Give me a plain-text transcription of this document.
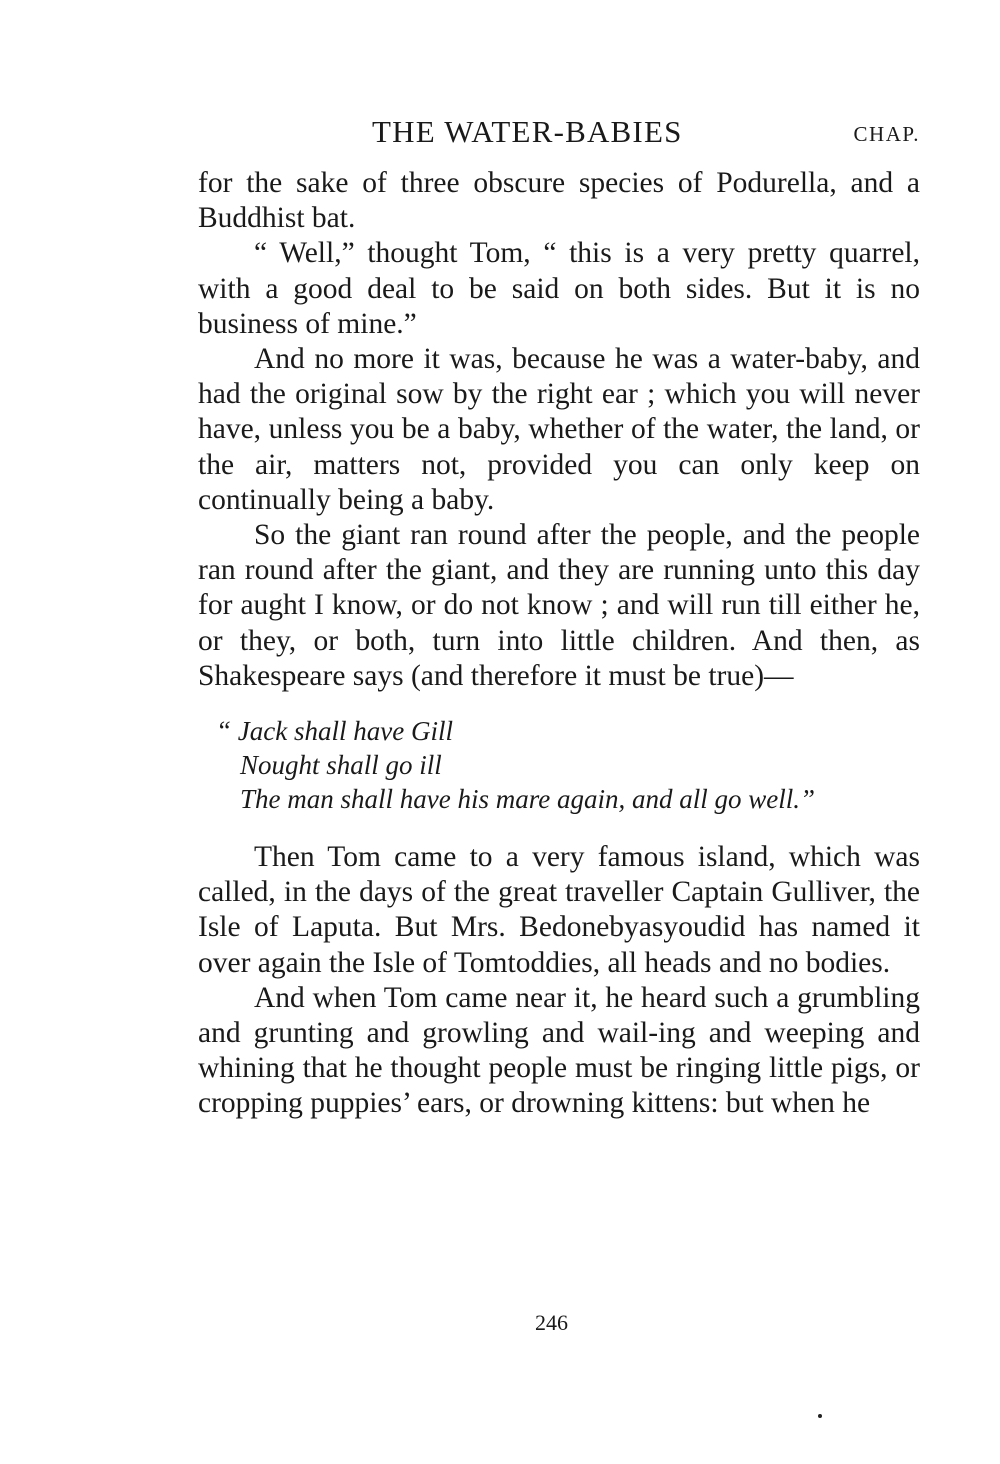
THE WATER-BABIES	CHAP.

for the sake of three obscure species of Podurella, and a Buddhist bat.

“ Well,” thought Tom, “ this is a very pretty quarrel, with a good deal to be said on both sides. But it is no business of mine.”

And no more it was, because he was a water-baby, and had the original sow by the right ear ; which you will never have, unless you be a baby, whether of the water, the land, or the air, matters not, provided you can only keep on continually being a baby.

So the giant ran round after the people, and the people ran round after the giant, and they are running unto this day for aught I know, or do not know ; and will run till either he, or they, or both, turn into little children. And then, as Shakespeare says (and therefore it must be true)—

“ Jack shall have Gill
Nought shall go ill
The man shall have his mare again, and all go well.”

Then Tom came to a very famous island, which was called, in the days of the great traveller Captain Gulliver, the Isle of Laputa. But Mrs. Bedonebyasyoudid has named it over again the Isle of Tomtoddies, all heads and no bodies.

And when Tom came near it, he heard such a grumbling and grunting and growling and wail-ing and weeping and whining that he thought people must be ringing little pigs, or cropping puppies’ ears, or drowning kittens: but when he

246
